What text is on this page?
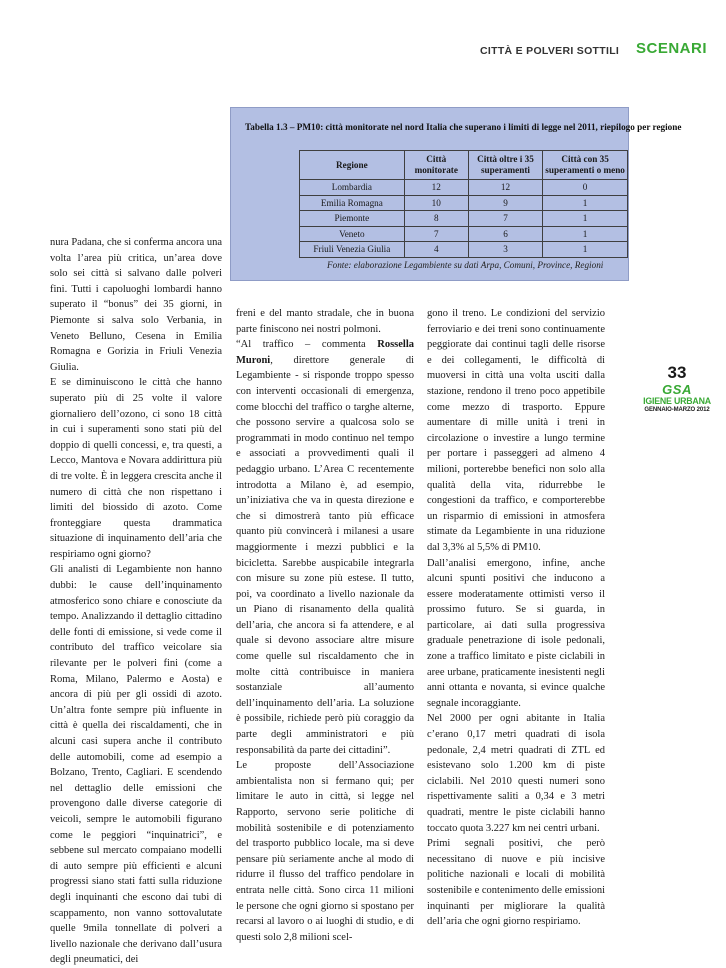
CITTÀ E POLVERI SOTTILI SCENARI
Tabella 1.3 – PM10: città monitorate nel nord Italia che superano i limiti di legge nel 2011, riepilogo per regione
Regione	Città monitorate	Città oltre i 35 superamenti	Città con 35 superamenti o meno
Lombardia	12	12	0
Emilia Romagna	10	9	1
Piemonte	8	7	1
Veneto	7	6	1
Friuli Venezia Giulia	4	3	1
Fonte: elaborazione Legambiente su dati Arpa, Comuni, Province, Regioni

nura Padana, che si conferma ancora una volta l’area più critica, un’area dove solo sei città si salvano dalle polveri fini. Tutti i capoluoghi lombardi hanno superato il “bonus” dei 35 giorni, in Piemonte si salva solo Verbania, in Veneto Belluno, Cesena in Emilia Romagna e Gorizia in Friuli Venezia Giulia.

E se diminuiscono le città che hanno superato più di 25 volte il valore giornaliero dell’ozono, ci sono 18 città in cui i superamenti sono stati più del doppio di quelli concessi, e, tra questi, a Lecco, Mantova e Novara addirittura più di tre volte. È in leggera crescita anche il numero di città che non rispettano i limiti del biossido di azoto. Come fronteggiare questa drammatica situazione di inquinamento dell’aria che respiriamo ogni giorno?

Gli analisti di Legambiente non hanno dubbi: le cause dell’inquinamento atmosferico sono chiare e conosciute da tempo. Analizzando il dettaglio cittadino delle fonti di emissione, si vede come il contributo del traffico veicolare sia rilevante per le polveri fini (come a Roma, Milano, Palermo e Aosta) e ancora di più per gli ossidi di azoto. Un’altra fonte sempre più influente in città è quella dei riscaldamenti, che in alcuni casi supera anche il contributo delle automobili, come ad esempio a Bolzano, Trento, Cagliari. E scendendo nel dettaglio delle emissioni che provengono dalle diverse categorie di veicoli, sempre le automobili figurano come le peggiori “inquinatrici”, e sebbene sul mercato compaiano modelli di auto sempre più efficienti e alcuni progressi siano stati fatti sulla riduzione degli inquinanti che escono dai tubi di scappamento, non vanno sottovalutate quelle 9mila tonnellate di polveri a livello nazionale che derivano dall’usura degli pneumatici, dei

freni e del manto stradale, che in buona parte finiscono nei nostri polmoni.

“Al traffico – commenta Rossella Muroni, direttore generale di Legambiente - si risponde troppo spesso con interventi occasionali di emergenza, come blocchi del traffico o targhe alterne, che possono servire a qualcosa solo se programmati in modo continuo nel tempo e associati a provvedimenti quali il pedaggio urbano. L’Area C recentemente introdotta a Milano è, ad esempio, un’iniziativa che va in questa direzione e che si dimostrerà tanto più efficace quanto più convincerà i milanesi a usare maggiormente i mezzi pubblici e la bicicletta. Sarebbe auspicabile integrarla con misure su zone più estese. Il tutto, poi, va coordinato a livello nazionale da un Piano di risanamento della qualità dell’aria, che ancora si fa attendere, e al quale si devono associare altre misure come quelle sul riscaldamento che in molte città contribuisce in maniera sostanziale all’aumento dell’inquinamento dell’aria. La soluzione è possibile, richiede però più coraggio da parte degli amministratori e più responsabilità da parte dei cittadini”.

Le proposte dell’Associazione ambientalista non si fermano qui; per limitare le auto in città, si legge nel Rapporto, servono serie politiche di mobilità sostenibile e di potenziamento del trasporto pubblico locale, ma si deve pensare più seriamente anche al modo di ridurre il flusso del traffico pendolare in entrata nelle città. Sono circa 11 milioni le persone che ogni giorno si spostano per recarsi al lavoro o ai luoghi di studio, e di questi solo 2,8 milioni scel-

gono il treno. Le condizioni del servizio ferroviario e dei treni sono continuamente peggiorate dai continui tagli delle risorse e dei collegamenti, le difficoltà di muoversi in città una volta usciti dalla stazione, rendono il treno poco appetibile come mezzo di trasporto. Eppure aumentare di mille unità i treni in circolazione o investire a lungo termine per portare i passeggeri ad almeno 4 milioni, porterebbe benefici non solo alla qualità della vita, ridurrebbe le congestioni da traffico, e comporterebbe un risparmio di emissioni in atmosfera stimate da Legambiente in una riduzione dal 3,3% al 5,5% di PM10.

Dall’analisi emergono, infine, anche alcuni spunti positivi che inducono a essere moderatamente ottimisti verso il prossimo futuro. Se si guarda, in particolare, ai dati sulla progressiva graduale penetrazione di isole pedonali, zone a traffico limitato e piste ciclabili in aree urbane, praticamente inesistenti negli anni ottanta e novanta, si evince qualche segnale incoraggiante.

Nel 2000 per ogni abitante in Italia c’erano 0,17 metri quadrati di isola pedonale, 2,4 metri quadrati di ZTL ed esistevano solo 1.200 km di piste ciclabili. Nel 2010 questi numeri sono rispettivamente saliti a 0,34 e 3 metri quadrati, mentre le piste ciclabili hanno toccato quota 3.227 km nei centri urbani.

Primi segnali positivi, che però necessitano di nuove e più incisive politiche nazionali e locali di mobilità sostenibile e contenimento delle emissioni inquinanti per migliorare la qualità dell’aria che ogni giorno respiriamo.

33
GSA
IGIENE URBANA
GENNAIO-MARZO 2012
